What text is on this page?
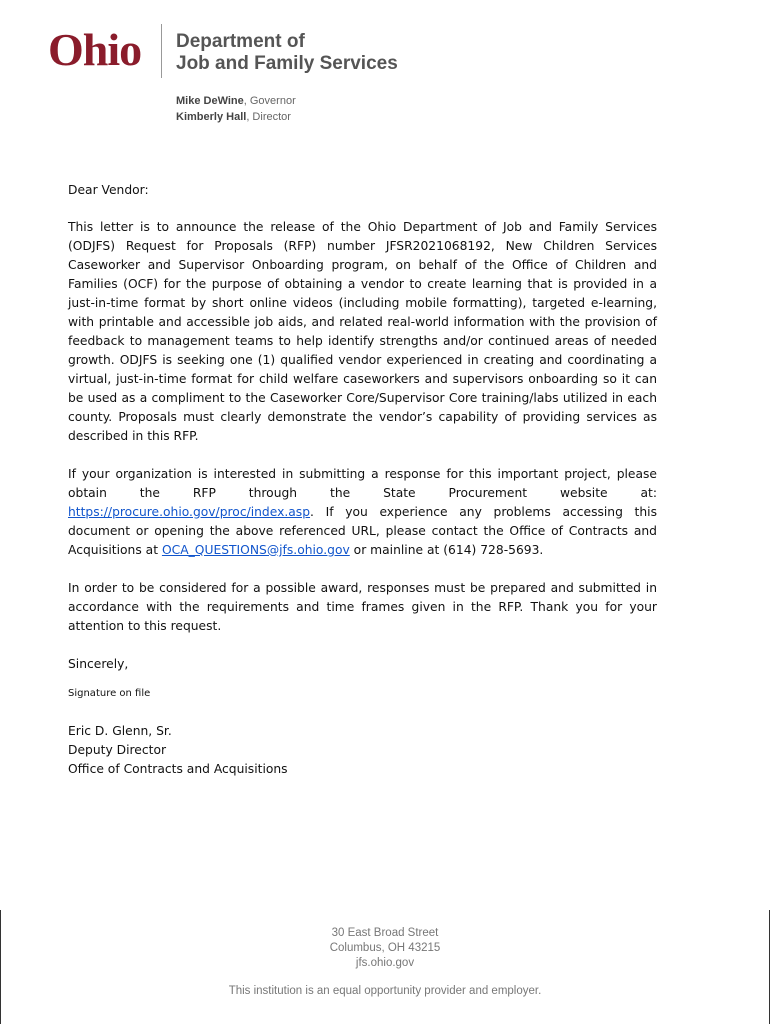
Ohio Department of
Job and Family Services
Mike DeWine, Governor
Kimberly Hall, Director

Dear Vendor:

This letter is to announce the release of the Ohio Department of Job and Family Services (ODJFS) Request for Proposals (RFP) number JFSR2021068192, New Children Services Caseworker and Supervisor Onboarding program, on behalf of the Office of Children and Families (OCF) for the purpose of obtaining a vendor to create learning that is provided in a just-in-time format by short online videos (including mobile formatting), targeted e-learning, with printable and accessible job aids, and related real-world information with the provision of feedback to management teams to help identify strengths and/or continued areas of needed growth. ODJFS is seeking one (1) qualified vendor experienced in creating and coordinating a virtual, just-in-time format for child welfare caseworkers and supervisors onboarding so it can be used as a compliment to the Caseworker Core/Supervisor Core training/labs utilized in each county. Proposals must clearly demonstrate the vendor’s capability of providing services as described in this RFP.

If your organization is interested in submitting a response for this important project, please obtain the RFP through the State Procurement website at: https://procure.ohio.gov/proc/index.asp. If you experience any problems accessing this document or opening the above referenced URL, please contact the Office of Contracts and Acquisitions at OCA_QUESTIONS@jfs.ohio.gov or mainline at (614) 728-5693.

In order to be considered for a possible award, responses must be prepared and submitted in accordance with the requirements and time frames given in the RFP. Thank you for your attention to this request.

Sincerely,

Signature on file

Eric D. Glenn, Sr.

Deputy Director

Office of Contracts and Acquisitions

30 East Broad Street
Columbus, OH 43215
jfs.ohio.gov
This institution is an equal opportunity provider and employer.
